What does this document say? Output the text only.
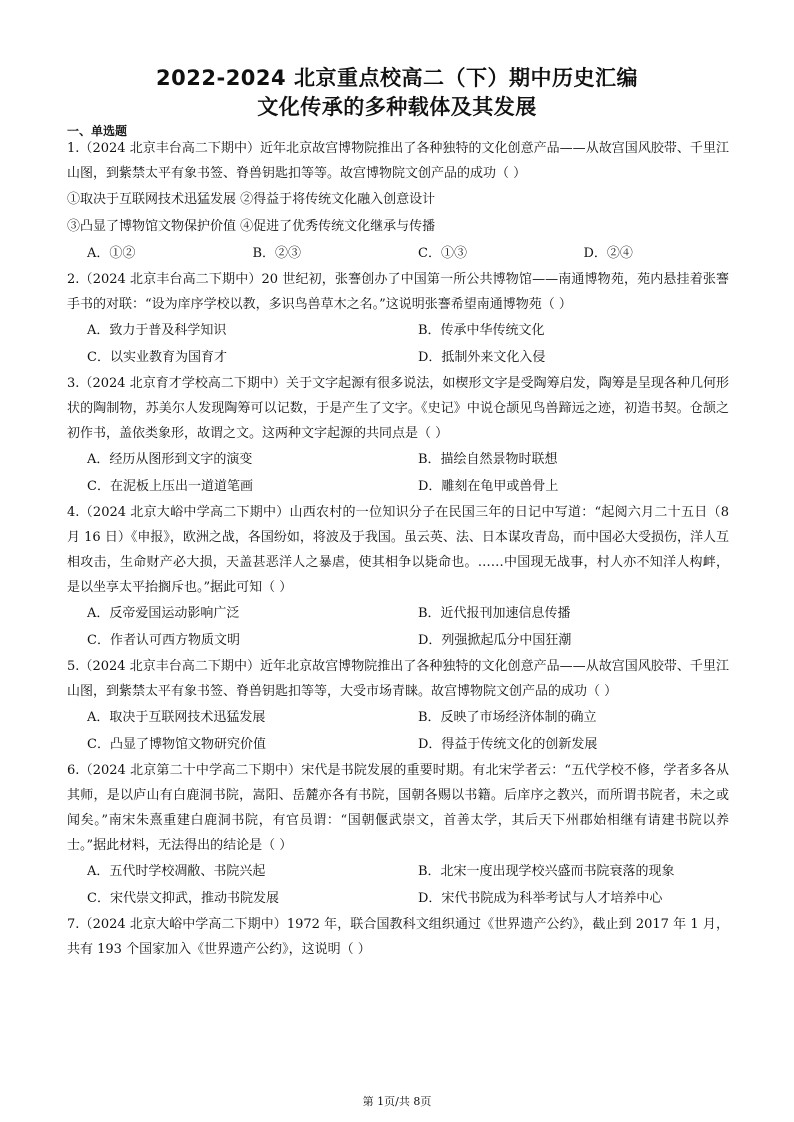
2022-2024 北京重点校高二（下）期中历史汇编
文化传承的多种载体及其发展
一、单选题

1.（2024 北京丰台高二下期中）近年北京故宫博物院推出了各种独特的文化创意产品——从故宫国风胶带、千里江山图，到紫禁太平有象书签、脊兽钥匙扣等等。故宫博物院文创产品的成功（ ）

①取决于互联网技术迅猛发展 ②得益于将传统文化融入创意设计

③凸显了博物馆文物保护价值 ④促进了优秀传统文化继承与传播

A．①②	B．②③	C．①③	D．②④

2.（2024 北京丰台高二下期中）20 世纪初，张謇创办了中国第一所公共博物馆——南通博物苑，苑内悬挂着张謇手书的对联：“设为庠序学校以教，多识鸟兽草木之名。”这说明张謇希望南通博物苑（ ）

A．致力于普及科学知识	B．传承中华传统文化
C．以实业教育为国育才	D．抵制外来文化入侵

3.（2024 北京育才学校高二下期中）关于文字起源有很多说法，如楔形文字是受陶筹启发，陶筹是呈现各种几何形状的陶制物，苏美尔人发现陶筹可以记数，于是产生了文字。《史记》中说仓颉见鸟兽蹄远之迹，初造书契。仓颉之初作书，盖依类象形，故谓之文。这两种文字起源的共同点是（ ）

A．经历从图形到文字的演变	B．描绘自然景物时联想
C．在泥板上压出一道道笔画	D．雕刻在龟甲或兽骨上

4.（2024 北京大峪中学高二下期中）山西农村的一位知识分子在民国三年的日记中写道：“起阅六月二十五日（8 月 16 日）《申报》，欧洲之战，各国纷如，将波及于我国。虽云英、法、日本谋攻青岛，而中国必大受损伤，洋人互相攻击，生命财产必大损，天盖甚恶洋人之暴虐，使其相争以毙命也。……中国现无战事，村人亦不知洋人构衅，是以坐享太平抬搁斥也。”据此可知（ ）

A．反帝爱国运动影响广泛	B．近代报刊加速信息传播
C．作者认可西方物质文明	D．列强掀起瓜分中国狂潮

5.（2024 北京丰台高二下期中）近年北京故宫博物院推出了各种独特的文化创意产品——从故宫国风胶带、千里江山图，到紫禁太平有象书签、脊兽钥匙扣等等，大受市场青睐。故宫博物院文创产品的成功（ ）

A．取决于互联网技术迅猛发展	B．反映了市场经济体制的确立
C．凸显了博物馆文物研究价值	D．得益于传统文化的创新发展

6.（2024 北京第二十中学高二下期中）宋代是书院发展的重要时期。有北宋学者云：“五代学校不修，学者多各从其师，是以庐山有白鹿洞书院，嵩阳、岳麓亦各有书院，国朝各赐以书籍。后庠序之教兴，而所谓书院者，未之或闻矣。”南宋朱熹重建白鹿洞书院，有官员谓：“国朝偃武崇文，首善太学，其后天下州郡始相继有请建书院以养士。”据此材料，无法得出的结论是（ ）

A．五代时学校凋敝、书院兴起	B．北宋一度出现学校兴盛而书院衰落的现象
C．宋代崇文抑武，推动书院发展	D．宋代书院成为科举考试与人才培养中心

7.（2024 北京大峪中学高二下期中）1972 年，联合国教科文组织通过《世界遗产公约》，截止到 2017 年 1 月，共有 193 个国家加入《世界遗产公约》，这说明（ ）

第 1页/共 8页
